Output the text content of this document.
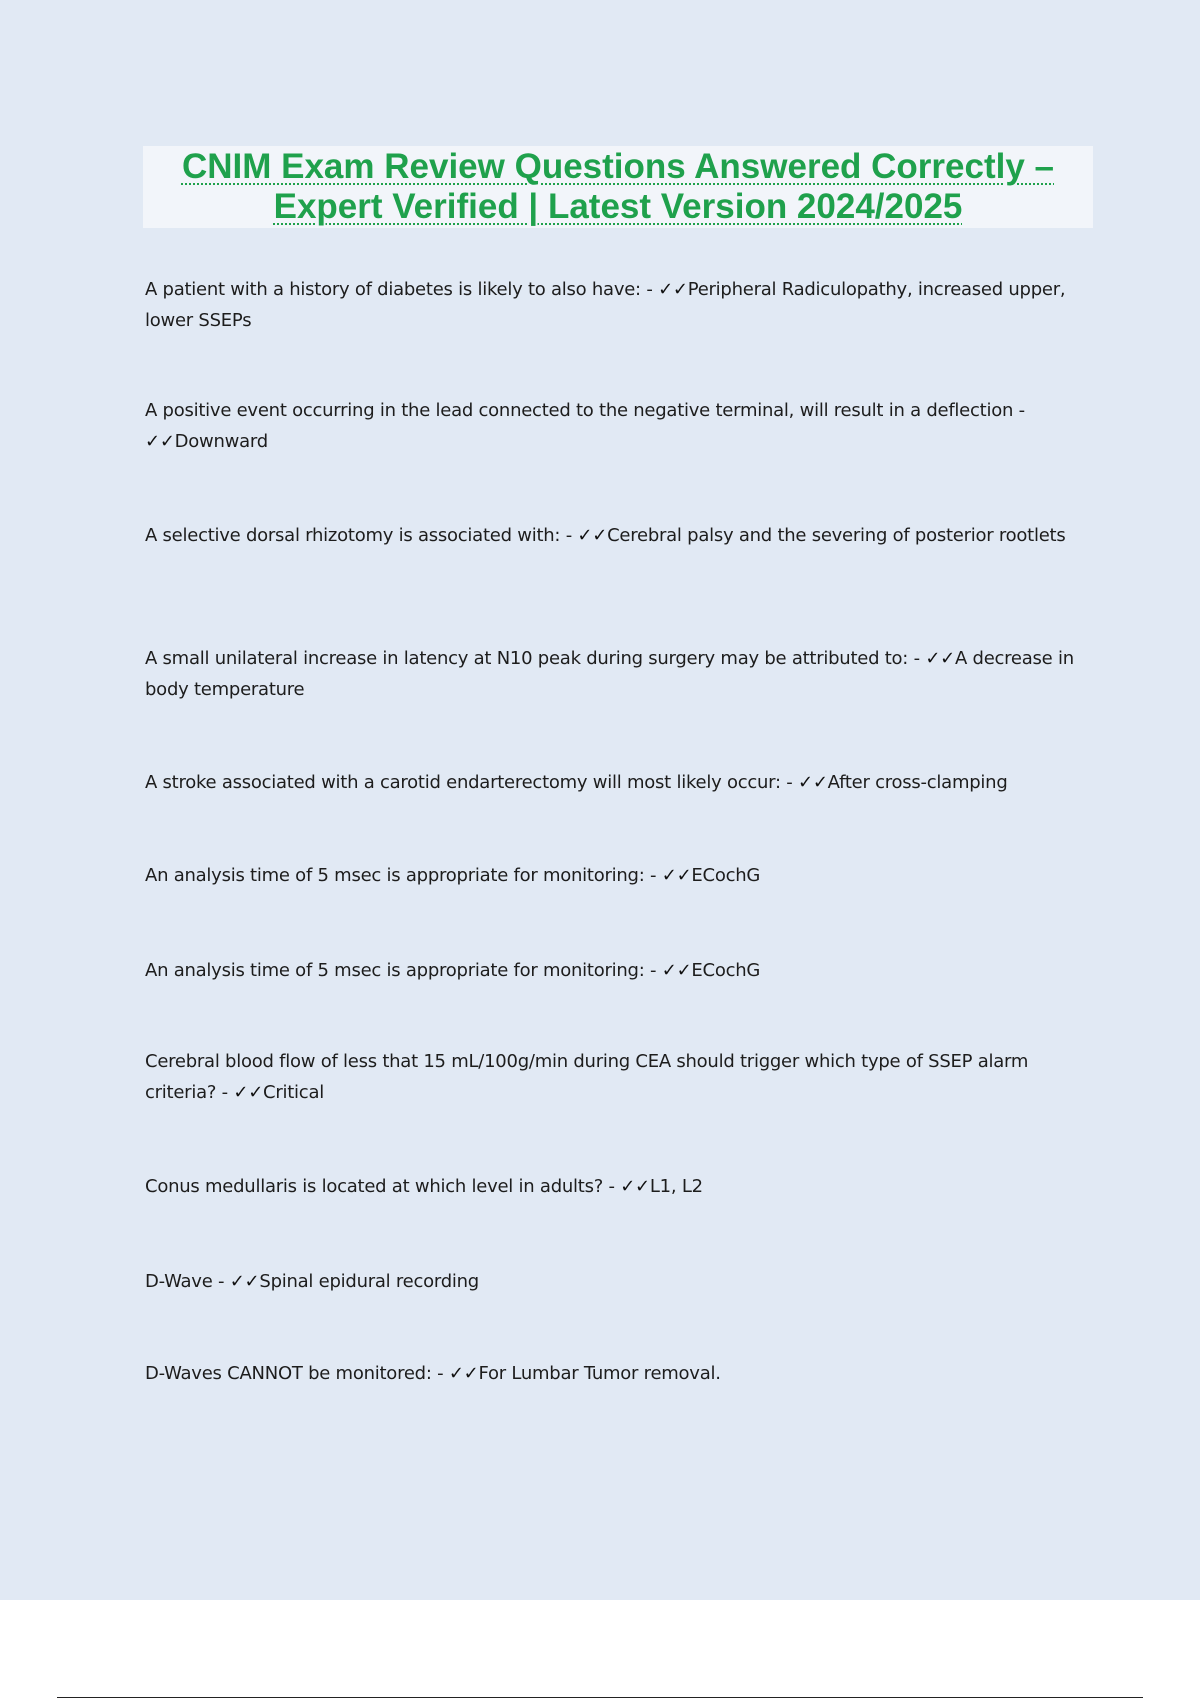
CNIM Exam Review Questions Answered Correctly –
Expert Verified | Latest Version 2024/2025
A patient with a history of diabetes is likely to also have: - ✓✓Peripheral Radiculopathy, increased upper, lower SSEPs
A positive event occurring in the lead connected to the negative terminal, will result in a deflection - ✓✓Downward
A selective dorsal rhizotomy is associated with: - ✓✓Cerebral palsy and the severing of posterior rootlets
A small unilateral increase in latency at N10 peak during surgery may be attributed to: - ✓✓A decrease in body temperature
A stroke associated with a carotid endarterectomy will most likely occur: - ✓✓After cross-clamping
An analysis time of 5 msec is appropriate for monitoring: - ✓✓ECochG
An analysis time of 5 msec is appropriate for monitoring: - ✓✓ECochG
Cerebral blood flow of less that 15 mL/100g/min during CEA should trigger which type of SSEP alarm criteria? - ✓✓Critical
Conus medullaris is located at which level in adults? - ✓✓L1, L2
D-Wave - ✓✓Spinal epidural recording
D-Waves CANNOT be monitored: - ✓✓For Lumbar Tumor removal.
